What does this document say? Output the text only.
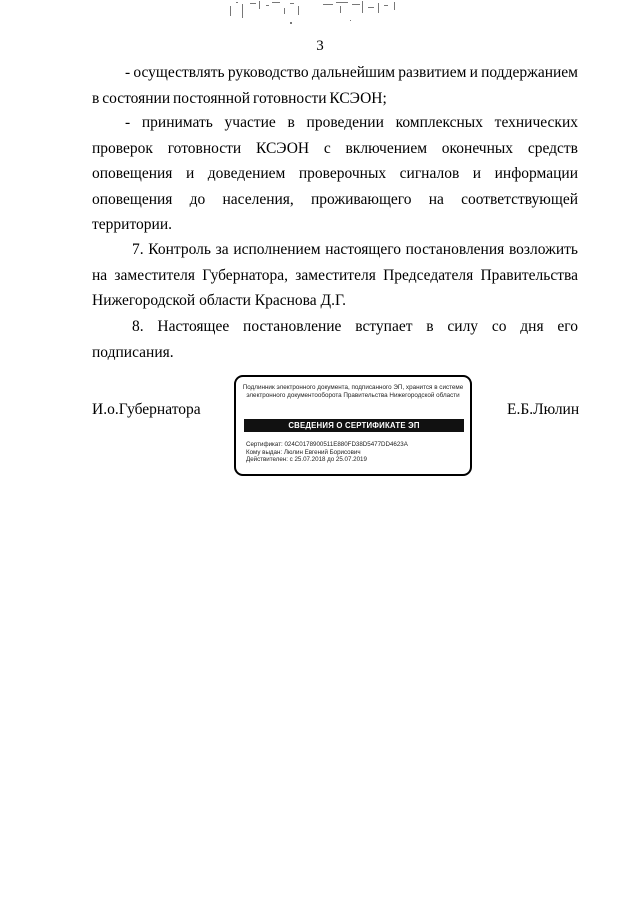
3

- осуществлять руководство дальнейшим развитием и поддержанием в состоянии постоянной готовности КСЭОН;

- принимать участие в проведении комплексных технических проверок готовности КСЭОН с включением оконечных средств оповещения и доведением проверочных сигналов и информации оповещения до населения, проживающего на соответствующей территории.

7. Контроль за исполнением настоящего постановления возложить на заместителя Губернатора, заместителя Председателя Правительства Нижегородской области Краснова Д.Г.

8. Настоящее постановление вступает в силу со дня его подписания.

И.о.Губернатора
Подлинник электронного документа, подписанного ЭП, хранится в системе электронного документооборота Правительства Нижегородской области
СВЕДЕНИЯ О СЕРТИФИКАТЕ ЭП
Сертификат: 024C0178900511E880FD38D5477DD4623A
Кому выдан: Люлин Евгений Борисович
Действителен: с 25.07.2018 до 25.07.2019
Е.Б.Люлин
